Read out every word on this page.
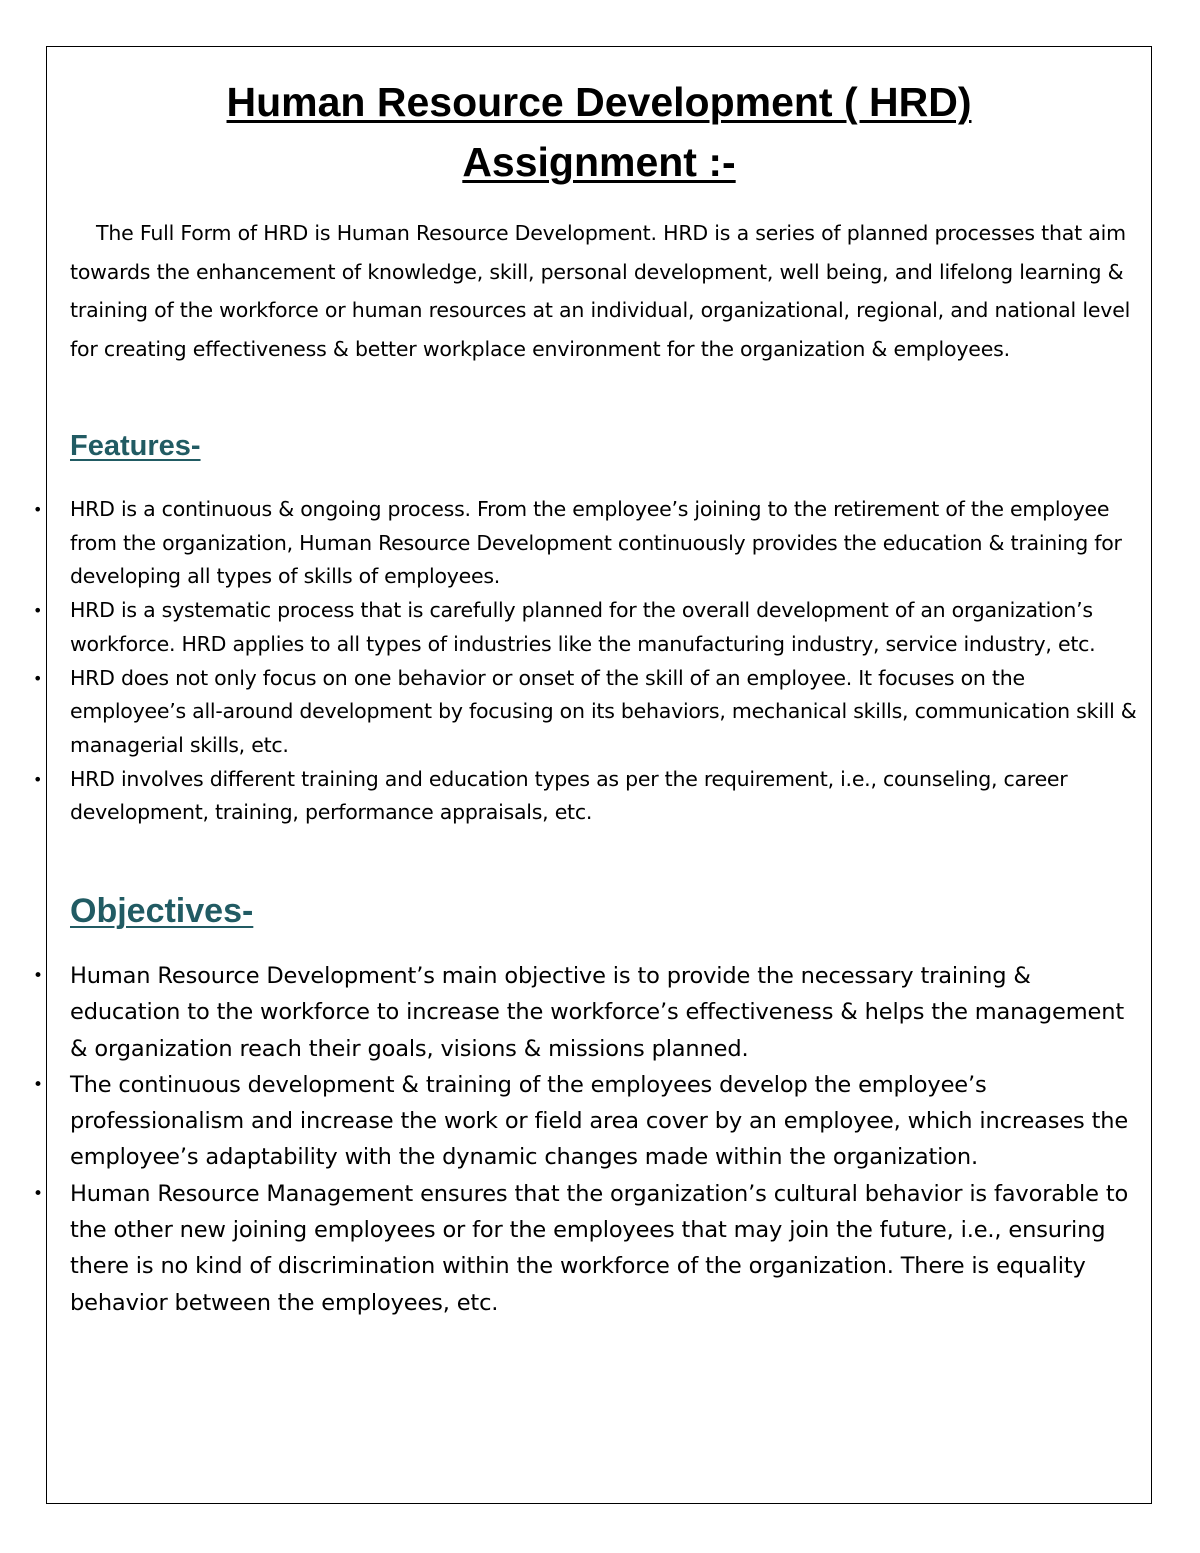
Human Resource Development ( HRD)
Assignment :-

The Full Form of HRD is Human Resource Development. HRD is a series of planned processes that aim towards the enhancement of knowledge, skill, personal development, well being, and lifelong learning & training of the workforce or human resources at an individual, organizational, regional, and national level for creating effectiveness & better workplace environment for the organization & employees.

Features-
• HRD is a continuous & ongoing process. From the employee’s joining to the retirement of the employee from the organization, Human Resource Development continuously provides the education & training for developing all types of skills of employees.
• HRD is a systematic process that is carefully planned for the overall development of an organization’s workforce. HRD applies to all types of industries like the manufacturing industry, service industry, etc.
• HRD does not only focus on one behavior or onset of the skill of an employee. It focuses on the employee’s all-around development by focusing on its behaviors, mechanical skills, communication skill & managerial skills, etc.
• HRD involves different training and education types as per the requirement, i.e., counseling, career development, training, performance appraisals, etc.
Objectives-
• Human Resource Development’s main objective is to provide the necessary training & education to the workforce to increase the workforce’s effectiveness & helps the management & organization reach their goals, visions & missions planned.
• The continuous development & training of the employees develop the employee’s professionalism and increase the work or field area cover by an employee, which increases the employee’s adaptability with the dynamic changes made within the organization.
• Human Resource Management ensures that the organization’s cultural behavior is favorable to the other new joining employees or for the employees that may join the future, i.e., ensuring there is no kind of discrimination within the workforce of the organization. There is equality behavior between the employees, etc.
